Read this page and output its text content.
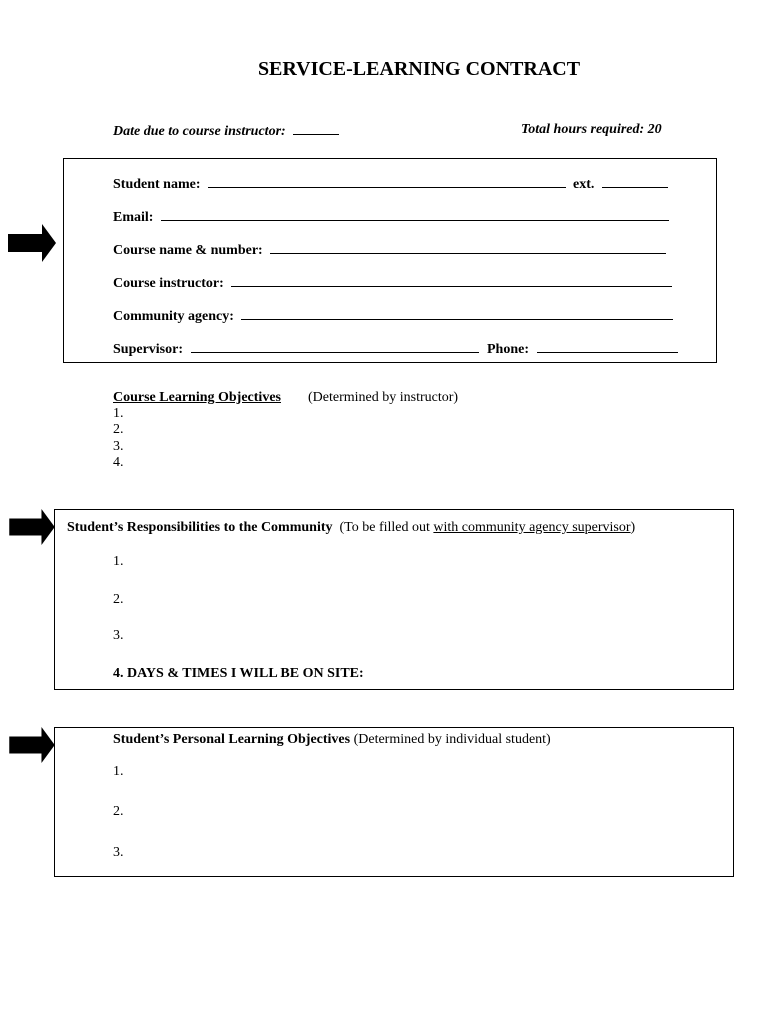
SERVICE-LEARNING CONTRACT
Date due to course instructor:	Total hours required: 20
Student name:	ext.
Email:
Course name & number:
Course instructor:
Community agency:
Supervisor:	Phone:
Course Learning Objectives (Determined by instructor)
1.
2.
3.
4.
Student’s Responsibilities to the Community (To be filled out with community agency supervisor)
1.
2.
3.
4. DAYS & TIMES I WILL BE ON SITE:
Student’s Personal Learning Objectives (Determined by individual student)
1.
2.
3.
